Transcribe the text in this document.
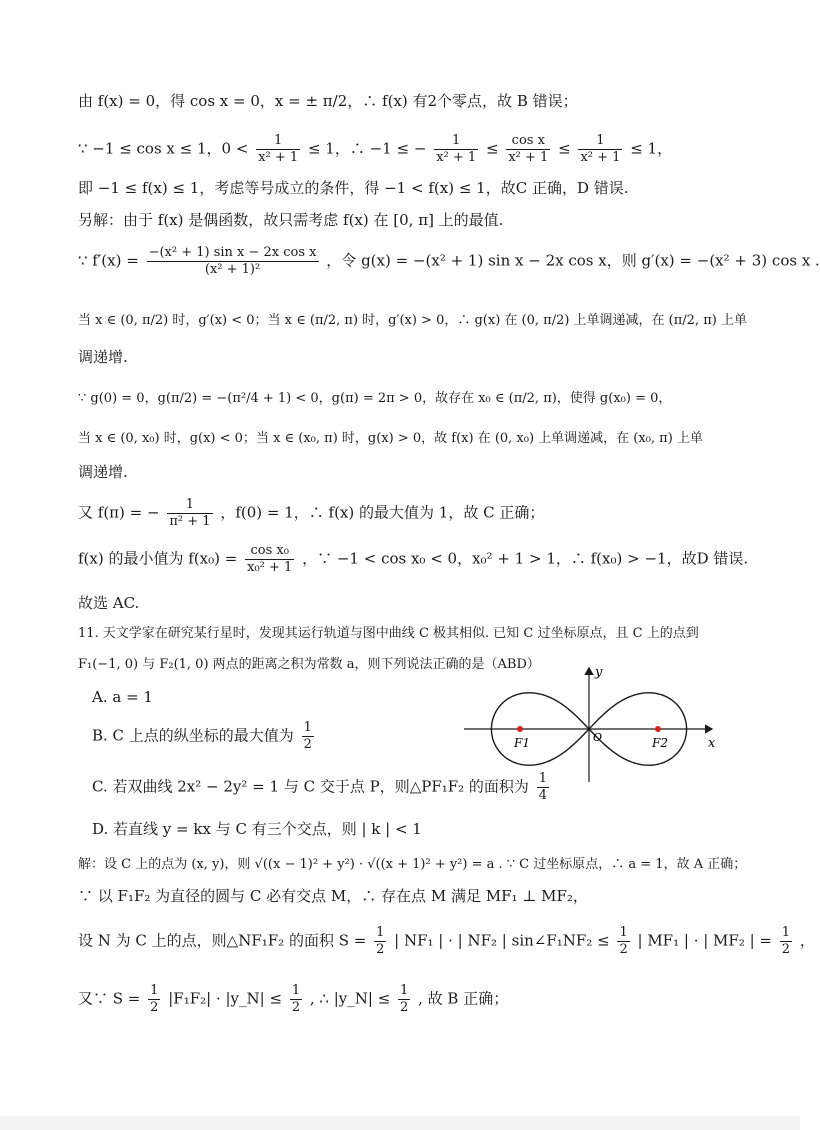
由 f(x) = 0，得 cos x = 0，x = ± π/2，∴ f(x) 有2个零点，故 B 错误；
∵ −1 ≤ cos x ≤ 1，$0 < \frac{1}{\text{x² + 1}} \le 1$，∴ −1 ≤ − $\frac{1}{\text{x² + 1}} \le \frac{\text{cos x}}{\text{x² + 1}} \le \frac{1}{\text{x² + 1}} \le 1$，
即 −1 ≤ f(x) ≤ 1，考虑等号成立的条件，得 −1 < f(x) ≤ 1，故C 正确，D 错误.
另解：由于 f(x) 是偶函数，故只需考虑 f(x) 在 [0, π] 上的最值.
∵ $f'(x) = \frac{\text{−(x² + 1) sin x − 2x cos x}}{\text{(x² + 1)²}}$ ，令 g(x) = −(x² + 1) sin x − 2x cos x，则 g′(x) = −(x² + 3) cos x .
当 x ∈ (0, π/2) 时，g′(x) < 0；当 x ∈ (π/2, π) 时，g′(x) > 0，∴ g(x) 在 (0, π/2) 上单调递减，在 (π/2, π) 上单
调递增.
∵ g(0) = 0，g(π/2) = −(π²/4 + 1) < 0，g(π) = 2π > 0，故存在 x₀ ∈ (π/2, π)，使得 g(x₀) = 0，
当 x ∈ (0, x₀) 时，g(x) < 0；当 x ∈ (x₀, π) 时，g(x) > 0，故 f(x) 在 (0, x₀) 上单调递减，在 (x₀, π) 上单
调递增.
又 f(π) = − $\frac{1}{\text{π² + 1}}$ ，f(0) = 1，∴ f(x) 的最大值为 1，故 C 正确；
f(x) 的最小值为 $f(x_0) = \frac{\text{cos x₀}}{\text{x₀² + 1}}$ ，∵ −1 < cos x₀ < 0，x₀² + 1 > 1，∴ f(x₀) > −1，故D 错误.
故选 AC.
11. 天文学家在研究某行星时，发现其运行轨道与图中曲线 C 极其相似. 已知 C 过坐标原点，且 C 上的点到
F₁(−1, 0) 与 F₂(1, 0) 两点的距离之积为常数 a，则下列说法正确的是（ABD）
A. a = 1
B. C 上点的纵坐标的最大值为 $\frac{1}{2}$
C. 若双曲线 2x² − 2y² = 1 与 C 交于点 P，则△PF₁F₂ 的面积为 $\frac{1}{4}$
D. 若直线 y = kx 与 C 有三个交点，则 | k | < 1
解：设 C 上的点为 (x, y)，则 √((x − 1)² + y²) · √((x + 1)² + y²) = a . ∵ C 过坐标原点，∴ a = 1，故 A 正确；
∵ 以 F₁F₂ 为直径的圆与 C 必有交点 M，∴ 存在点 M 满足 MF₁ ⊥ MF₂，
设 N 为 C 上的点，则△NF₁F₂ 的面积 $S = \frac{1}{2}$ | NF₁ | · | NF₂ | sin∠F₁NF₂ ≤ $\frac{1}{2}$ | MF₁ | · | MF₂ | = $\frac{1}{2}$ ，
又∵ $S = \frac{1}{2} |F_1F_2|$ · |y_N| ≤ $\frac{1}{2}$ , ∴ |y_N| ≤ $\frac{1}{2}$ , 故 B 正确；
y
x
F1	F2
O
